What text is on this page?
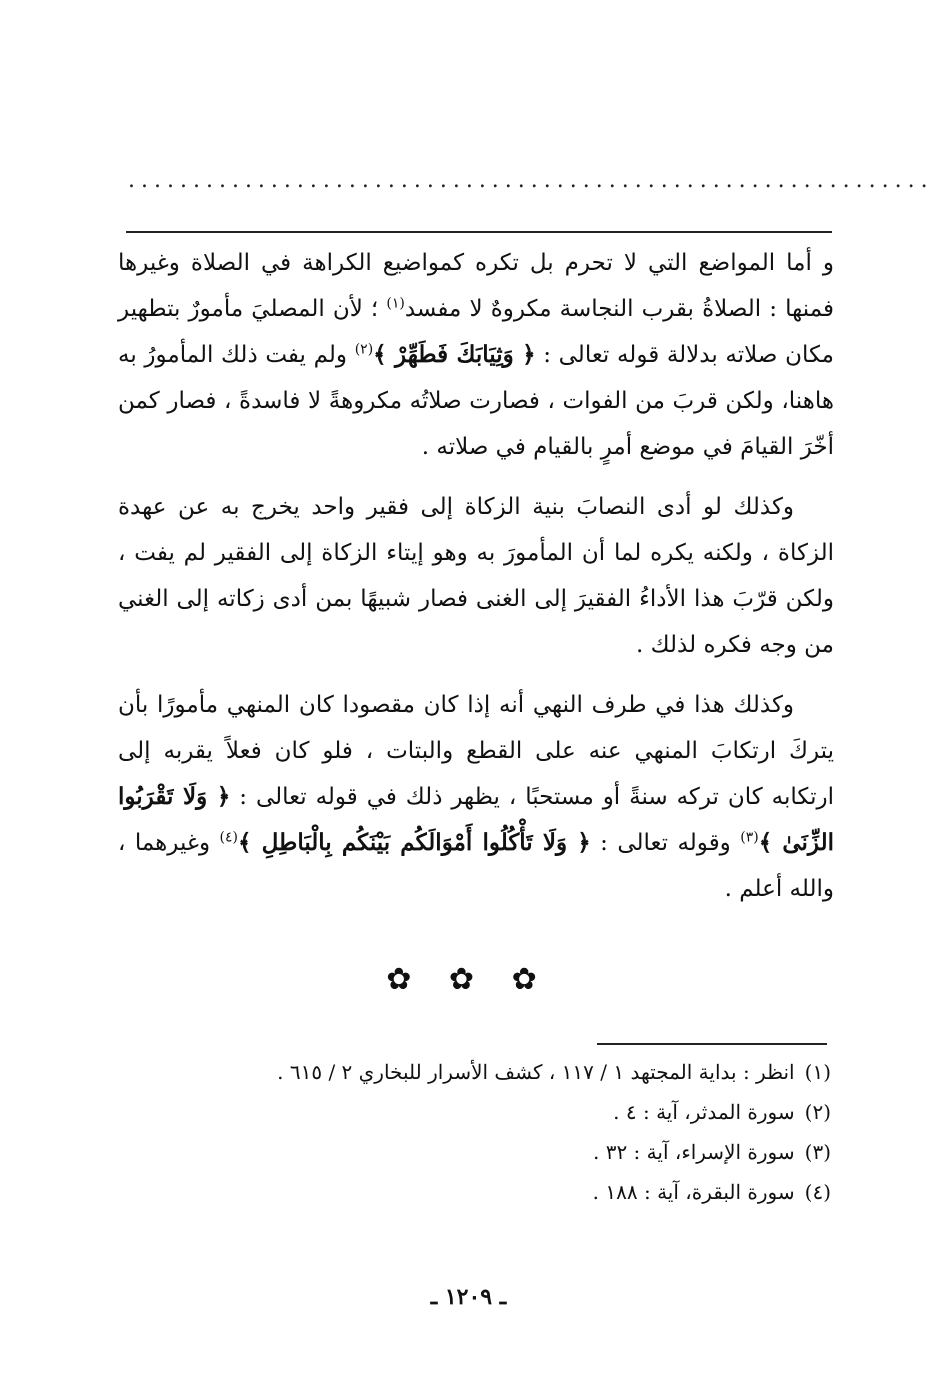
..............................................................

و أما المواضع التي لا تحرم بل تكره كمواضيع الكراهة في الصلاة وغيرها فمنها : الصلاةُ بقرب النجاسة مكروهٌ لا مفسد$^{(١)}$ ؛ لأن المصليَ مأمورٌ بتطهير مكان صلاته بدلالة قوله تعالى : ﴿ وَثِيَابَكَ فَطَهِّرْ ﴾$^{(٢)}$ ولم يفت ذلك المأمورُ به هاهنا، ولكن قربَ من الفوات ، فصارت صلاتُه مكروهةً لا فاسدةً ، فصار كمن أخّرَ القيامَ في موضع أمرٍ بالقيام في صلاته .

وكذلك لو أدى النصابَ بنية الزكاة إلى فقير واحد يخرج به عن عهدة الزكاة ، ولكنه يكره لما أن المأمورَ به وهو إيتاء الزكاة إلى الفقير لم يفت ، ولكن قرّبَ هذا الأداءُ الفقيرَ إلى الغنى فصار شبيهًا بمن أدى زكاته إلى الغني من وجه فكره لذلك .

وكذلك هذا في طرف النهي أنه إذا كان مقصودا كان المنهي مأمورًا بأن يتركَ ارتكابَ المنهي عنه على القطع والبتات ، فلو كان فعلاً يقربه إلى ارتكابه كان تركه سنةً أو مستحبًا ، يظهر ذلك في قوله تعالى : ﴿ وَلَا تَقْرَبُوا الزِّنَىٰ ﴾$^{(٣)}$ وقوله تعالى : ﴿ وَلَا تَأْكُلُوا أَمْوَالَكُم بَيْنَكُم بِالْبَاطِلِ ﴾$^{(٤)}$ وغيرهما ، والله أعلم .

✿ ✿ ✿

(١)انظر : بداية المجتهد ١ / ١١٧ ، كشف الأسرار للبخاري ٢ / ٦١٥ .

(٢)سورة المدثر، آية : ٤ .

(٣)سورة الإسراء، آية : ٣٢ .

(٤)سورة البقرة، آية : ١٨٨ .

ـ ١٢٠٩ ـ
